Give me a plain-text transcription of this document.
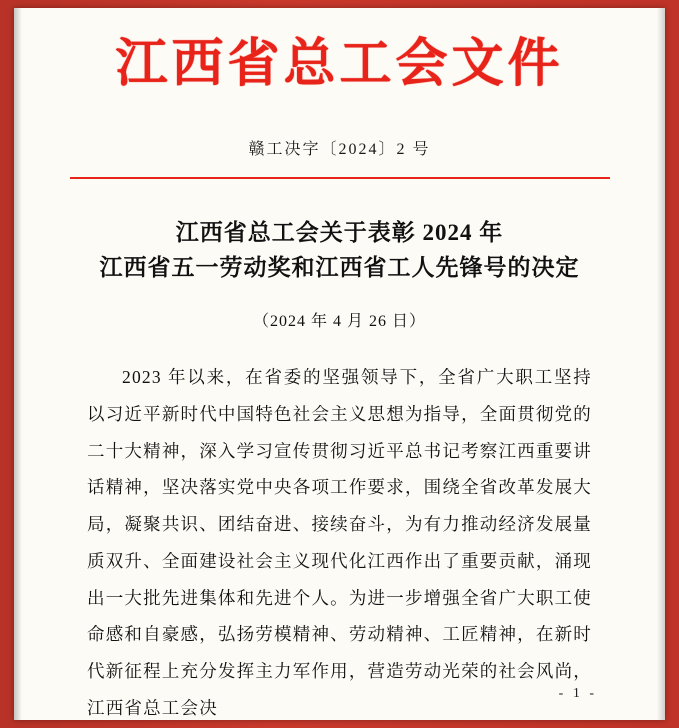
江西省总工会文件

赣工决字〔2024〕2 号

江西省总工会关于表彰 2024 年
江西省五一劳动奖和江西省工人先锋号的决定

（2024 年 4 月 26 日）

2023 年以来，在省委的坚强领导下，全省广大职工坚持以习近平新时代中国特色社会主义思想为指导，全面贯彻党的二十大精神，深入学习宣传贯彻习近平总书记考察江西重要讲话精神，坚决落实党中央各项工作要求，围绕全省改革发展大局，凝聚共识、团结奋进、接续奋斗，为有力推动经济发展量质双升、全面建设社会主义现代化江西作出了重要贡献，涌现出一大批先进集体和先进个人。为进一步增强全省广大职工使命感和自豪感，弘扬劳模精神、劳动精神、工匠精神，在新时代新征程上充分发挥主力军作用，营造劳动光荣的社会风尚，江西省总工会决

- 1 -
